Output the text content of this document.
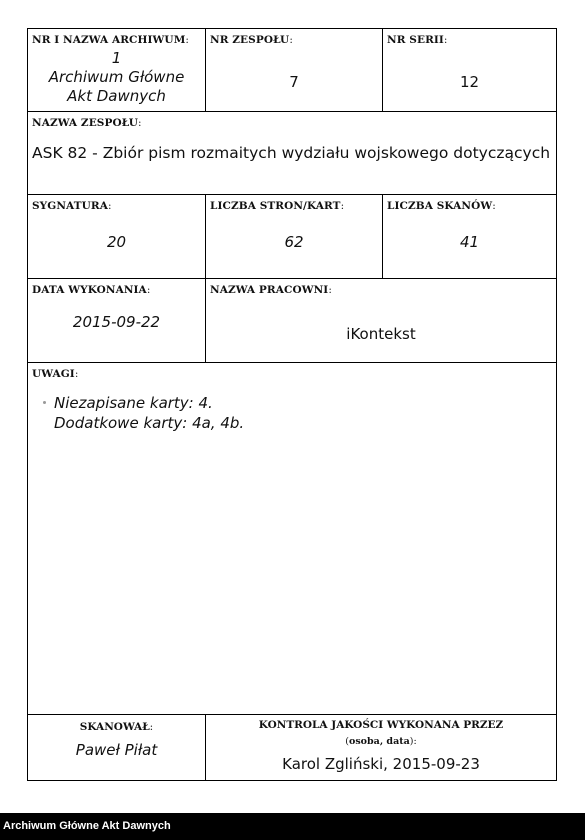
NR I NAZWA ARCHIWUM:
1
Archiwum Główne
Akt Dawnych
NR ZESPOŁU:
7
NR SERII:
12
NAZWA ZESPOŁU:
ASK 82 - Zbiór pism rozmaitych wydziału wojskowego dotyczących
SYGNATURA:
20
LICZBA STRON/KART:
62
LICZBA SKANÓW:
41
DATA WYKONANIA:
2015-09-22
NAZWA PRACOWNI:
iKontekst
UWAGI:
Niezapisane karty: 4.
Dodatkowe karty: 4a, 4b.
SKANOWAŁ:
Paweł Piłat
KONTROLA JAKOŚCI WYKONANA PRZEZ
(osoba, data):
Karol Zgliński, 2015-09-23
Archiwum Główne Akt Dawnych
